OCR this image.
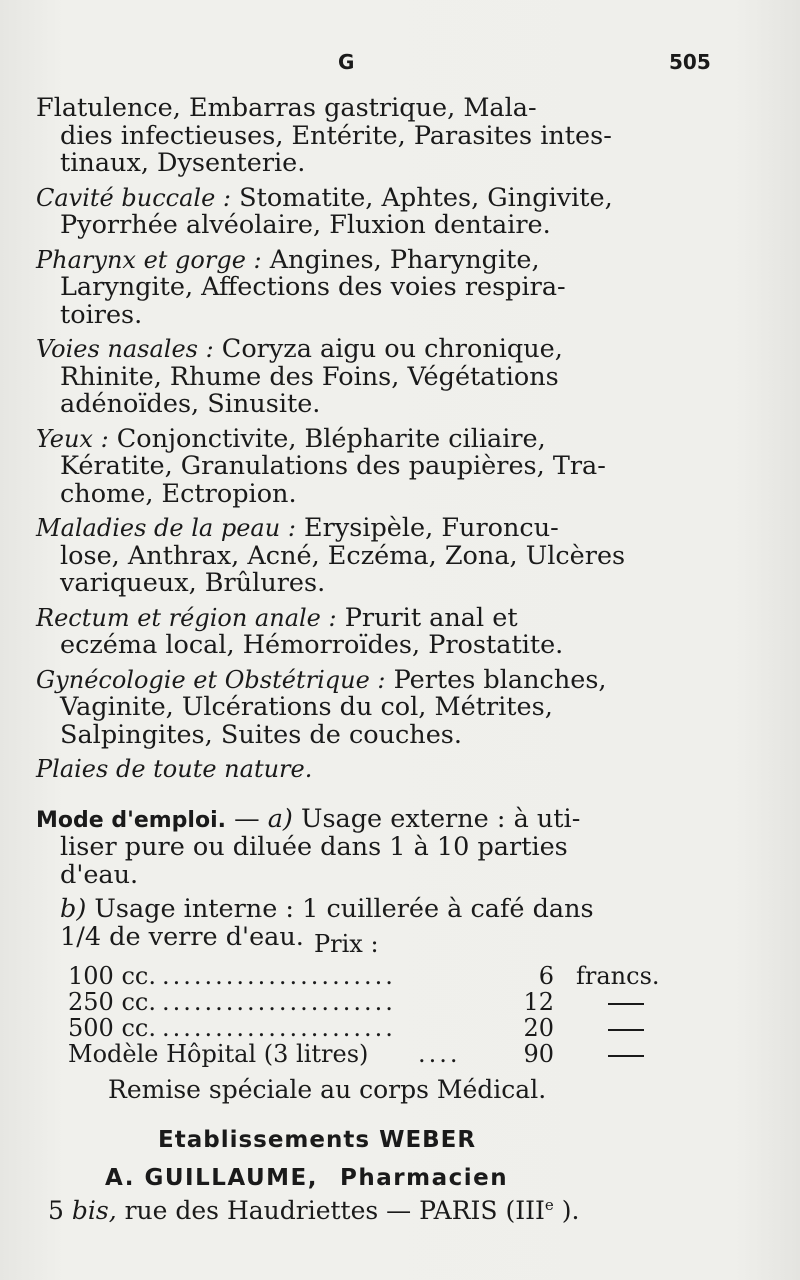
G	505

Flatulence, Embarras gastrique, Mala-
dies infectieuses, Entérite, Parasites intes-
tinaux, Dysenterie.

Cavité buccale : Stomatite, Aphtes, Gingivite,
Pyorrhée alvéolaire, Fluxion dentaire.

Pharynx et gorge : Angines, Pharyngite,
Laryngite, Affections des voies respira-
toires.

Voies nasales : Coryza aigu ou chronique,
Rhinite, Rhume des Foins, Végétations
adénoïdes, Sinusite.

Yeux : Conjonctivite, Blépharite ciliaire,
Kératite, Granulations des paupières, Tra-
chome, Ectropion.

Maladies de la peau : Erysipèle, Furoncu-
lose, Anthrax, Acné, Eczéma, Zona, Ulcères
variqueux, Brûlures.

Rectum et région anale : Prurit anal et
eczéma local, Hémorroïdes, Prostatite.

Gynécologie et Obstétrique : Pertes blanches,
Vaginite, Ulcérations du col, Métrites,
Salpingites, Suites de couches.

Plaies de toute nature.

Mode d'emploi. — a) Usage externe : à uti-
liser pure ou diluée dans 1 à 10 parties
d'eau.

b) Usage interne : 1 cuillerée à café dans
1/4 de verre d'eau. Prix :
100 cc. ......................	6 francs.
250 cc. ......................	12
500 cc. ......................	20
Modèle Hôpital (3 litres) ....	90
Remise spéciale au corps Médical.
Etablissements WEBER
A. GUILLAUME, Pharmacien
5 bis, rue des Haudriettes — PARIS (IIIe ).
